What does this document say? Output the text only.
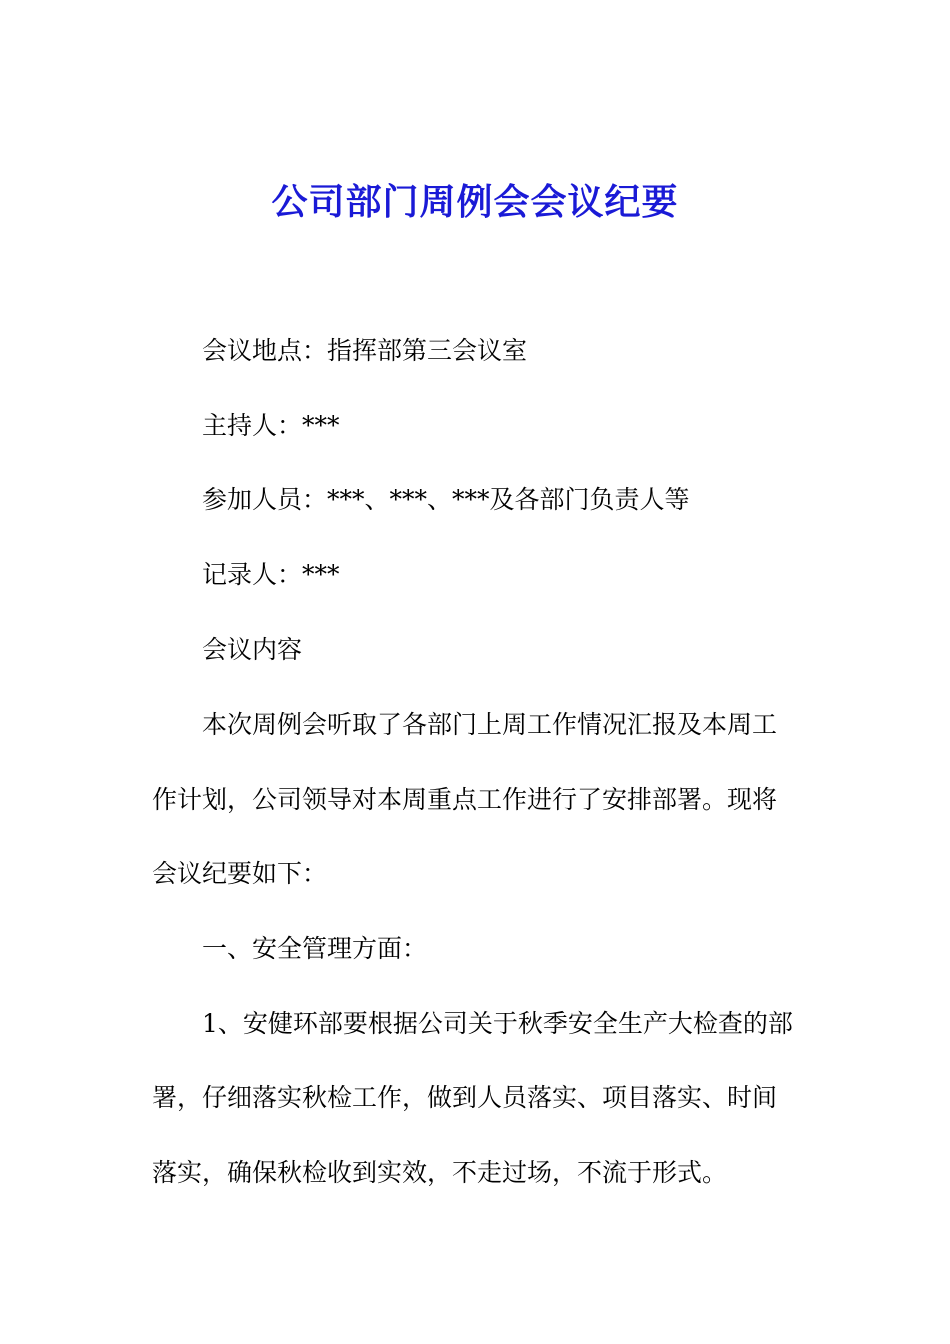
公司部门周例会会议纪要
会议地点：指挥部第三会议室
主持人：***
参加人员：***、***、***及各部门负责人等
记录人：***
会议内容
本次周例会听取了各部门上周工作情况汇报及本周工
作计划，公司领导对本周重点工作进行了安排部署。现将
会议纪要如下：
一、安全管理方面：
1、安健环部要根据公司关于秋季安全生产大检查的部
署，仔细落实秋检工作，做到人员落实、项目落实、时间
落实，确保秋检收到实效，不走过场，不流于形式。
